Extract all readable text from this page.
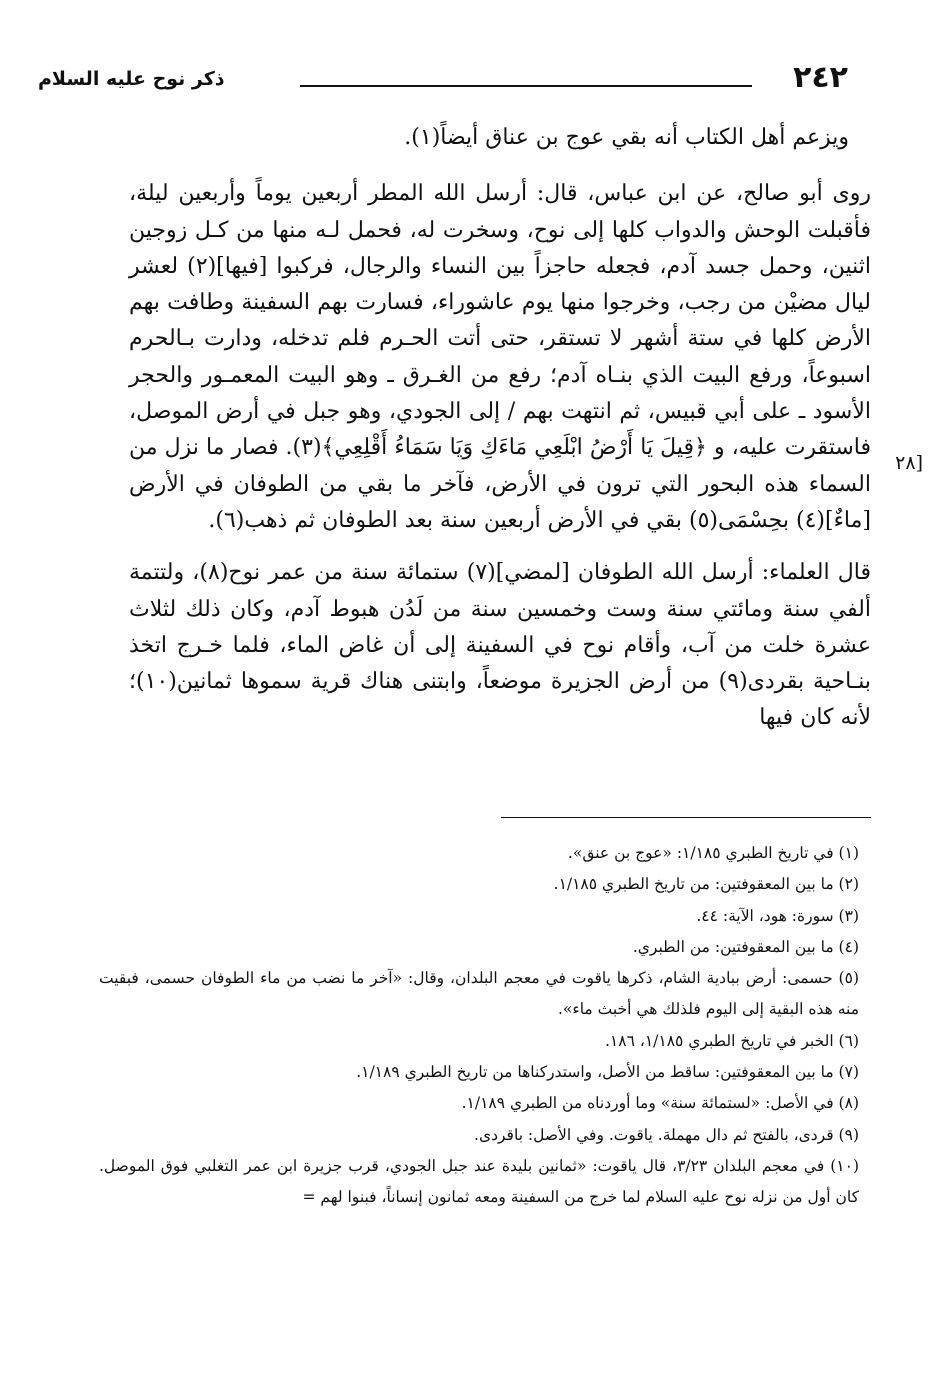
٢٤٢
ذكر نوح عليه السلام
[٢٨

ويزعم أهل الكتاب أنه بقي عوج بن عناق أيضاً(١).

روى أبو صالح، عن ابن عباس، قال: أرسل الله المطر أربعين يوماً وأربعين ليلة، فأقبلت الوحش والدواب كلها إلى نوح، وسخرت له، فحمل لـه منها من كـل زوجين اثنين، وحمل جسد آدم، فجعله حاجزاً بين النساء والرجال، فركبوا [فيها](٢) لعشر ليال مضيْن من رجب، وخرجوا منها يوم عاشوراء، فسارت بهم السفينة وطافت بهم الأرض كلها في ستة أشهر لا تستقر، حتى أتت الحـرم فلم تدخله، ودارت بـالحرم اسبوعاً، ورفع البيت الذي بنـاه آدم؛ رفع من الغـرق ـ وهو البيت المعمـور والحجر الأسود ـ على أبي قبيس، ثم انتهت بهم / إلى الجودي، وهو جبل في أرض الموصل، فاستقرت عليه، و ﴿قِيلَ يَا أَرْضُ ابْلَعِي مَاءَكِ وَيَا سَمَاءُ أَقْلِعِي﴾(٣). فصار ما نزل من السماء هذه البحور التي ترون في الأرض، فآخر ما بقي من الطوفان في الأرض [ماءٌ](٤) بحِسْمَى(٥) بقي في الأرض أربعين سنة بعد الطوفان ثم ذهب(٦).

قال العلماء: أرسل الله الطوفان [لمضي](٧) ستمائة سنة من عمر نوح(٨)، ولتتمة ألفي سنة ومائتي سنة وست وخمسين سنة من لَدُن هبوط آدم، وكان ذلك لثلاث عشرة خلت من آب، وأقام نوح في السفينة إلى أن غاض الماء، فلما خـرج اتخذ بنـاحية بقردى(٩) من أرض الجزيرة موضعاً، وابتنى هناك قرية سموها ثمانين(١٠)؛ لأنه كان فيها

(١) في تاريخ الطبري ١/١٨٥: «عوج بن عنق».

(٢) ما بين المعقوفتين: من تاريخ الطبري ١/١٨٥.

(٣) سورة: هود، الآية: ٤٤.

(٤) ما بين المعقوفتين: من الطبري.

(٥) حسمى: أرض ببادية الشام، ذكرها ياقوت في معجم البلدان، وقال: «آخر ما نضب من ماء الطوفان حسمى، فبقيت منه هذه البقية إلى اليوم فلذلك هي أخبث ماء».

(٦) الخبر في تاريخ الطبري ١/١٨٥، ١٨٦.

(٧) ما بين المعقوفتين: ساقط من الأصل، واستدركناها من تاريخ الطبري ١/١٨٩.

(٨) في الأصل: «لستمائة سنة» وما أوردناه من الطبري ١/١٨٩.

(٩) قردى، بالفتح ثم دال مهملة. ياقوت. وفي الأصل: باقردى.

(١٠) في معجم البلدان ٣/٢٣، قال ياقوت: «ثمانين بليدة عند جبل الجودي، قرب جزيرة ابن عمر التغلبي فوق الموصل. كان أول من نزله نوح عليه السلام لما خرج من السفينة ومعه ثمانون إنساناً، فبنوا لهم =
